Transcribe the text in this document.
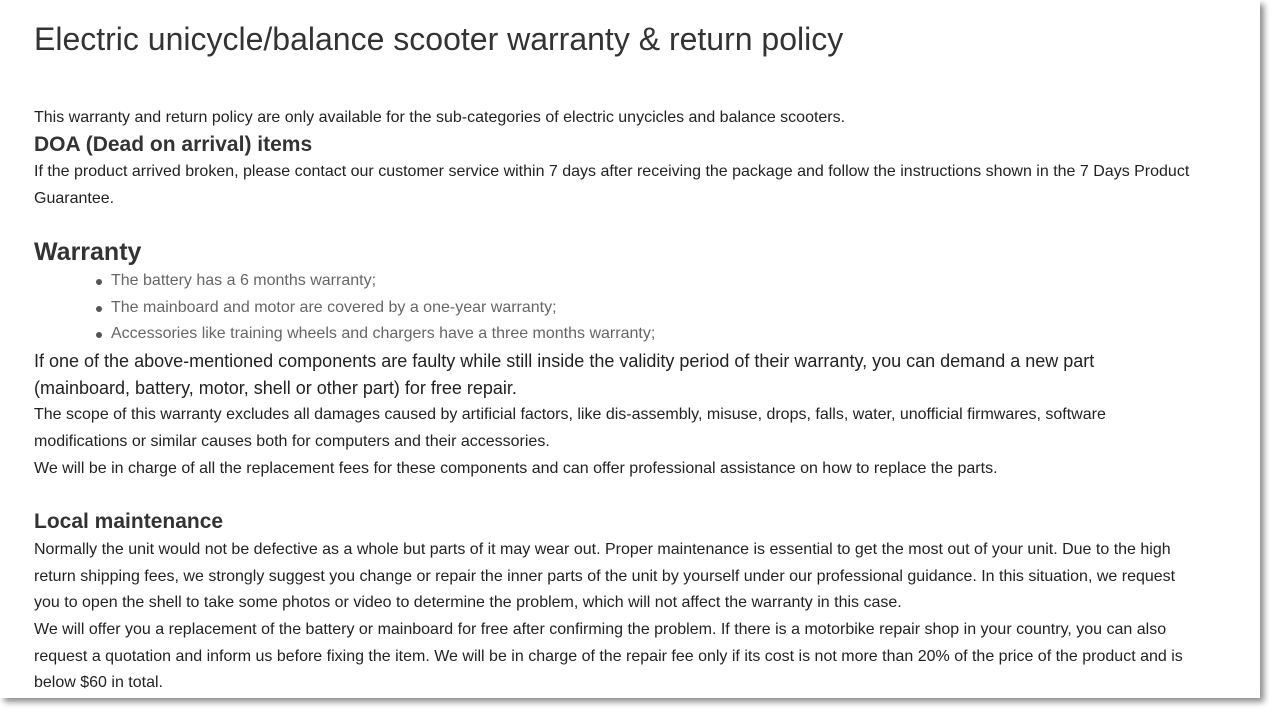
Electric unicycle/balance scooter warranty & return policy

This warranty and return policy are only available for the sub-categories of electric unycicles and balance scooters.

DOA (Dead on arrival) items

If the product arrived broken, please contact our customer service within 7 days after receiving the package and follow the instructions shown in the 7 Days Product Guarantee.

Warranty
The battery has a 6 months warranty;
The mainboard and motor are covered by a one-year warranty;
Accessories like training wheels and chargers have a three months warranty;

If one of the above-mentioned components are faulty while still inside the validity period of their warranty, you can demand a new part (mainboard, battery, motor, shell or other part) for free repair.

The scope of this warranty excludes all damages caused by artificial factors, like dis-assembly, misuse, drops, falls, water, unofficial firmwares, software modifications or similar causes both for computers and their accessories.

We will be in charge of all the replacement fees for these components and can offer professional assistance on how to replace the parts.

Local maintenance

Normally the unit would not be defective as a whole but parts of it may wear out. Proper maintenance is essential to get the most out of your unit. Due to the high return shipping fees, we strongly suggest you change or repair the inner parts of the unit by yourself under our professional guidance. In this situation, we request you to open the shell to take some photos or video to determine the problem, which will not affect the warranty in this case.

We will offer you a replacement of the battery or mainboard for free after confirming the problem. If there is a motorbike repair shop in your country, you can also request a quotation and inform us before fixing the item. We will be in charge of the repair fee only if its cost is not more than 20% of the price of the product and is below $60 in total.
